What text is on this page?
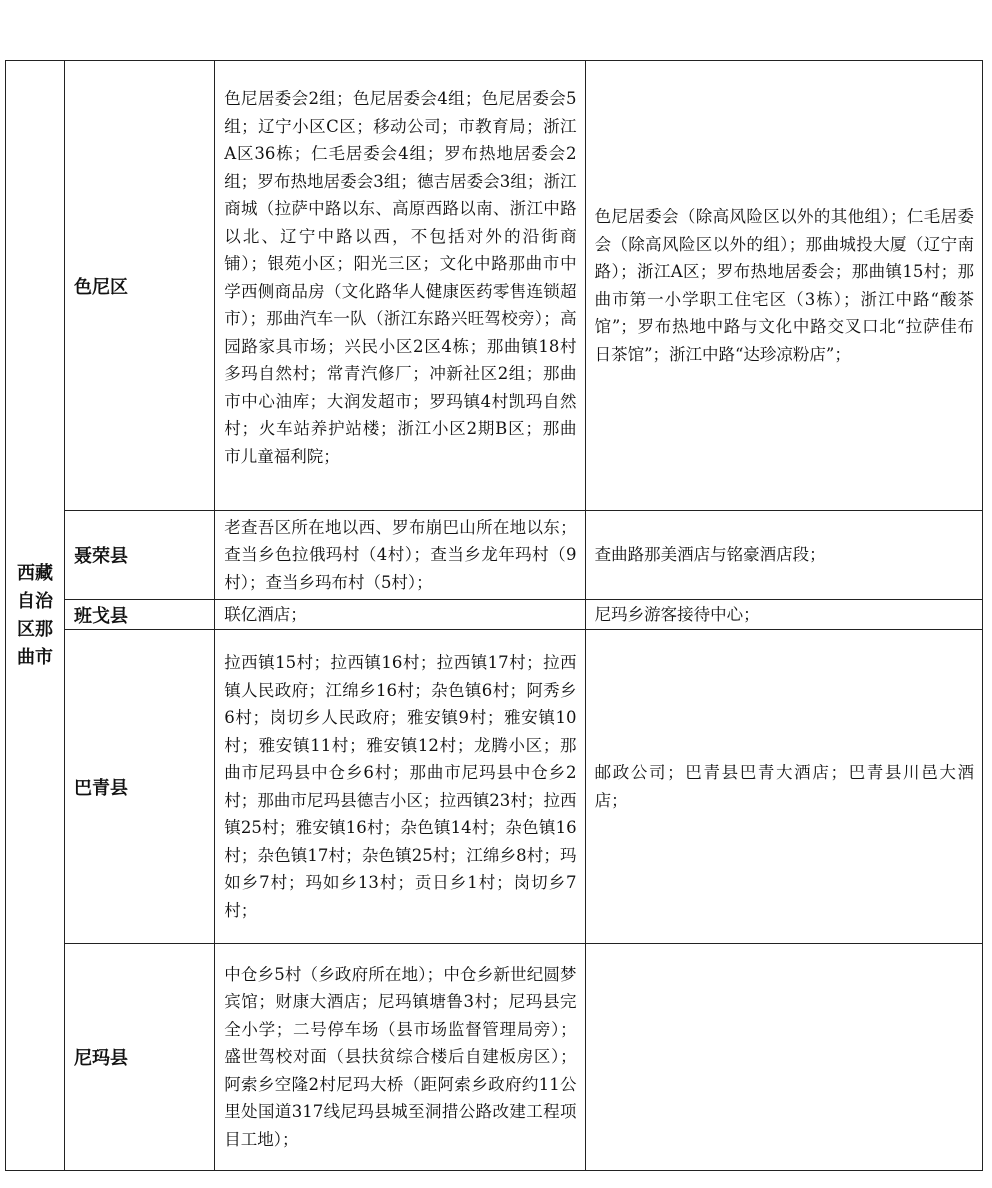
西藏自治区那曲市	色尼区	色尼居委会2组；色尼居委会4组；色尼居委会5组；辽宁小区C区；移动公司；市教育局；浙江A区36栋；仁毛居委会4组；罗布热地居委会2组；罗布热地居委会3组；德吉居委会3组；浙江商城（拉萨中路以东、高原西路以南、浙江中路以北、辽宁中路以西，不包括对外的沿街商铺）；银苑小区；阳光三区；文化中路那曲市中学西侧商品房（文化路华人健康医药零售连锁超市）；那曲汽车一队（浙江东路兴旺驾校旁）；高园路家具市场；兴民小区2区4栋；那曲镇18村多玛自然村；常青汽修厂；冲新社区2组；那曲市中心油库；大润发超市；罗玛镇4村凯玛自然村；火车站养护站楼；浙江小区2期B区；那曲市儿童福利院；	色尼居委会（除高风险区以外的其他组）；仁毛居委会（除高风险区以外的组）；那曲城投大厦（辽宁南路）；浙江A区；罗布热地居委会；那曲镇15村；那曲市第一小学职工住宅区（3栋）；浙江中路“酸茶馆”；罗布热地中路与文化中路交叉口北“拉萨佳布日茶馆”；浙江中路“达珍凉粉店”；

	聂荣县	老查吾区所在地以西、罗布崩巴山所在地以东；查当乡色拉俄玛村（4村）；查当乡龙年玛村（9村）；查当乡玛布村（5村）；	查曲路那美酒店与铭豪酒店段；

	班戈县	联亿酒店；	尼玛乡游客接待中心；

	巴青县	拉西镇15村；拉西镇16村；拉西镇17村；拉西镇人民政府；江绵乡16村；杂色镇6村；阿秀乡6村；岗切乡人民政府；雅安镇9村；雅安镇10村；雅安镇11村；雅安镇12村；龙腾小区；那曲市尼玛县中仓乡6村；那曲市尼玛县中仓乡2村；那曲市尼玛县德吉小区；拉西镇23村；拉西镇25村；雅安镇16村；杂色镇14村；杂色镇16村；杂色镇17村；杂色镇25村；江绵乡8村；玛如乡7村；玛如乡13村；贡日乡1村；岗切乡7村；	邮政公司；巴青县巴青大酒店；巴青县川邑大酒店；

	尼玛县	中仓乡5村（乡政府所在地）；中仓乡新世纪圆梦宾馆；财康大酒店；尼玛镇塘鲁3村；尼玛县完全小学；二号停车场（县市场监督管理局旁）；盛世驾校对面（县扶贫综合楼后自建板房区）；阿索乡空隆2村尼玛大桥（距阿索乡政府约11公里处国道317线尼玛县城至洞措公路改建工程项目工地）；	
